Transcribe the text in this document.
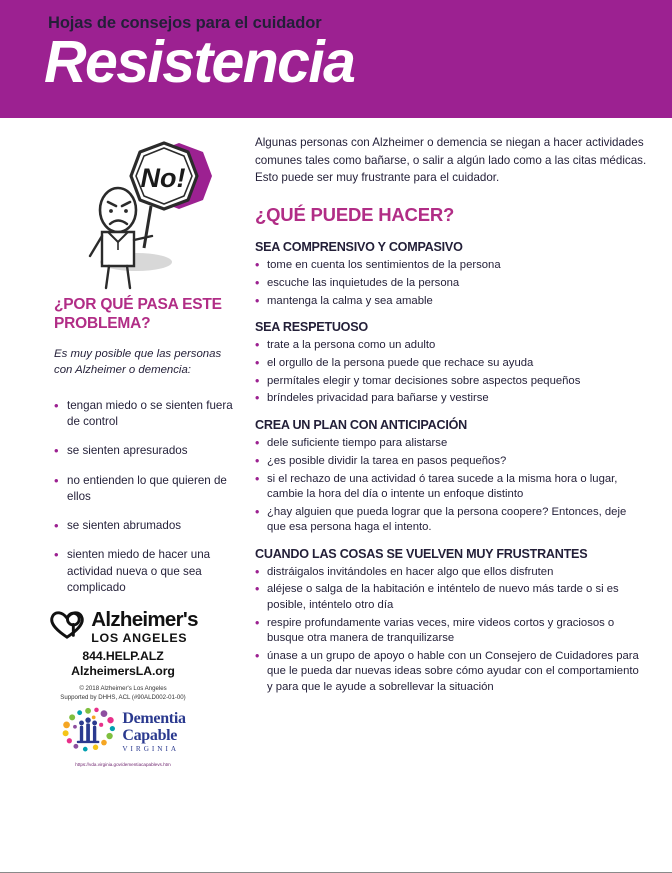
Hojas de consejos para el cuidador
Resistencia
No!
¿POR QUÉ PASA ESTE PROBLEMA?
Es muy posible que las personas con Alzheimer o demencia:
• tengan miedo o se sienten fuera de control
• se sienten apresurados
• no entienden lo que quieren de ellos
• se sienten abrumados
• sienten miedo de hacer una actividad nueva o que sea complicado
Alzheimer's
LOS ANGELES
844.HELP.ALZ
AlzheimersLA.org
© 2018 Alzheimer's Los Angeles
Supported by DHHS, ACL (#90ALD002-01-00)
Dementia
Capable
VIRGINIA
https://vda.virginia.gov/dementiacapablevs.htm

Algunas personas con Alzheimer o demencia se niegan a hacer actividades comunes tales como bañarse, o salir a algún lado como a las citas médicas. Esto puede ser muy frustrante para el cuidador.

¿QUÉ PUEDE HACER?
SEA COMPRENSIVO Y COMPASIVO
• tome en cuenta los sentimientos de la persona
• escuche las inquietudes de la persona
• mantenga la calma y sea amable
SEA RESPETUOSO
• trate a la persona como un adulto
• el orgullo de la persona puede que rechace su ayuda
• permítales elegir y tomar decisiones sobre aspectos pequeños
• bríndeles privacidad para bañarse y vestirse
CREA UN PLAN CON ANTICIPACIÓN
• dele suficiente tiempo para alistarse
• ¿es posible dividir la tarea en pasos pequeños?
• si el rechazo de una actividad ó tarea sucede a la misma hora o lugar, cambie la hora del día o intente un enfoque distinto
• ¿hay alguien que pueda lograr que la persona coopere? Entonces, deje que esa persona haga el intento.
CUANDO LAS COSAS SE VUELVEN MUY FRUSTRANTES
• distráigalos invitándoles en hacer algo que ellos disfruten
• aléjese o salga de la habitación e inténtelo de nuevo más tarde o si es posible, inténtelo otro día
• respire profundamente varias veces, mire videos cortos y graciosos o busque otra manera de tranquilizarse
• únase a un grupo de apoyo o hable con un Consejero de Cuidadores para que le pueda dar nuevas ideas sobre cómo ayudar con el comportamiento y para que le ayude a sobrellevar la situación
